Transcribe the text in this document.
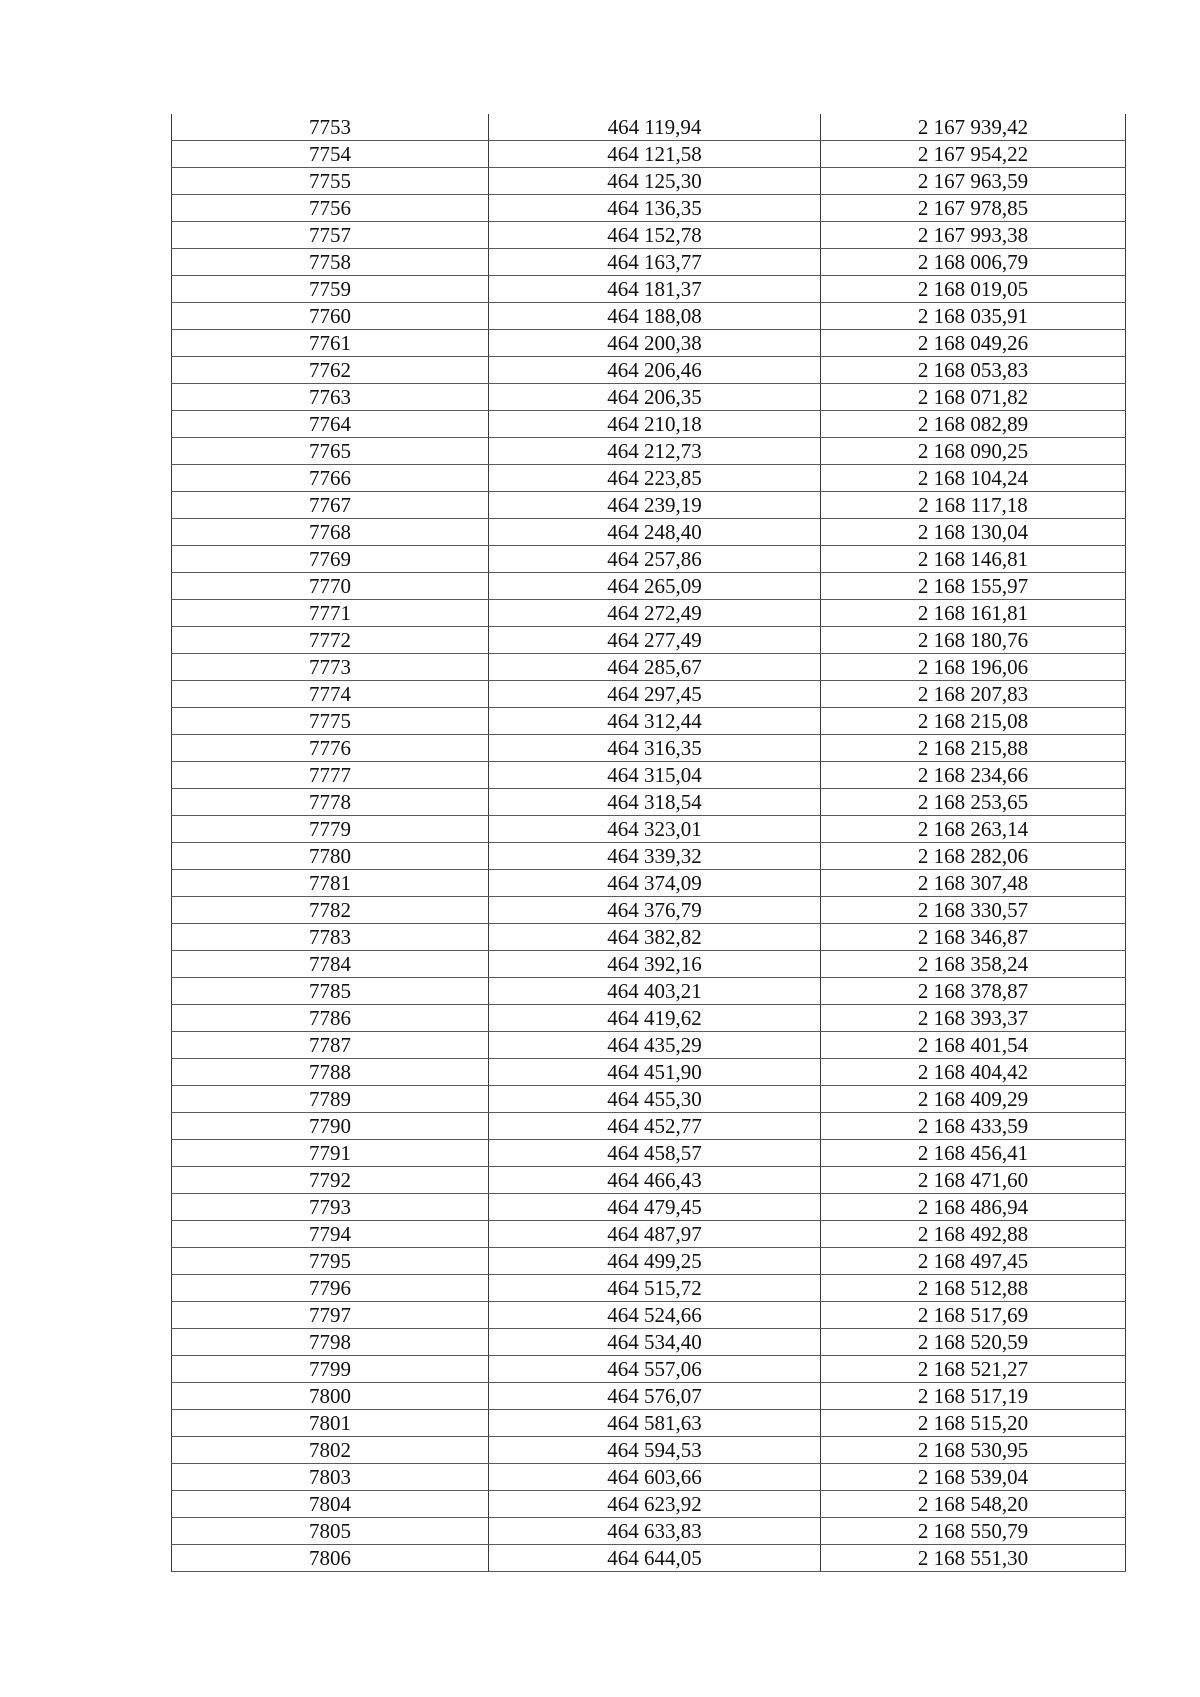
7753	464 119,94	2 167 939,42
7754	464 121,58	2 167 954,22
7755	464 125,30	2 167 963,59
7756	464 136,35	2 167 978,85
7757	464 152,78	2 167 993,38
7758	464 163,77	2 168 006,79
7759	464 181,37	2 168 019,05
7760	464 188,08	2 168 035,91
7761	464 200,38	2 168 049,26
7762	464 206,46	2 168 053,83
7763	464 206,35	2 168 071,82
7764	464 210,18	2 168 082,89
7765	464 212,73	2 168 090,25
7766	464 223,85	2 168 104,24
7767	464 239,19	2 168 117,18
7768	464 248,40	2 168 130,04
7769	464 257,86	2 168 146,81
7770	464 265,09	2 168 155,97
7771	464 272,49	2 168 161,81
7772	464 277,49	2 168 180,76
7773	464 285,67	2 168 196,06
7774	464 297,45	2 168 207,83
7775	464 312,44	2 168 215,08
7776	464 316,35	2 168 215,88
7777	464 315,04	2 168 234,66
7778	464 318,54	2 168 253,65
7779	464 323,01	2 168 263,14
7780	464 339,32	2 168 282,06
7781	464 374,09	2 168 307,48
7782	464 376,79	2 168 330,57
7783	464 382,82	2 168 346,87
7784	464 392,16	2 168 358,24
7785	464 403,21	2 168 378,87
7786	464 419,62	2 168 393,37
7787	464 435,29	2 168 401,54
7788	464 451,90	2 168 404,42
7789	464 455,30	2 168 409,29
7790	464 452,77	2 168 433,59
7791	464 458,57	2 168 456,41
7792	464 466,43	2 168 471,60
7793	464 479,45	2 168 486,94
7794	464 487,97	2 168 492,88
7795	464 499,25	2 168 497,45
7796	464 515,72	2 168 512,88
7797	464 524,66	2 168 517,69
7798	464 534,40	2 168 520,59
7799	464 557,06	2 168 521,27
7800	464 576,07	2 168 517,19
7801	464 581,63	2 168 515,20
7802	464 594,53	2 168 530,95
7803	464 603,66	2 168 539,04
7804	464 623,92	2 168 548,20
7805	464 633,83	2 168 550,79
7806	464 644,05	2 168 551,30
